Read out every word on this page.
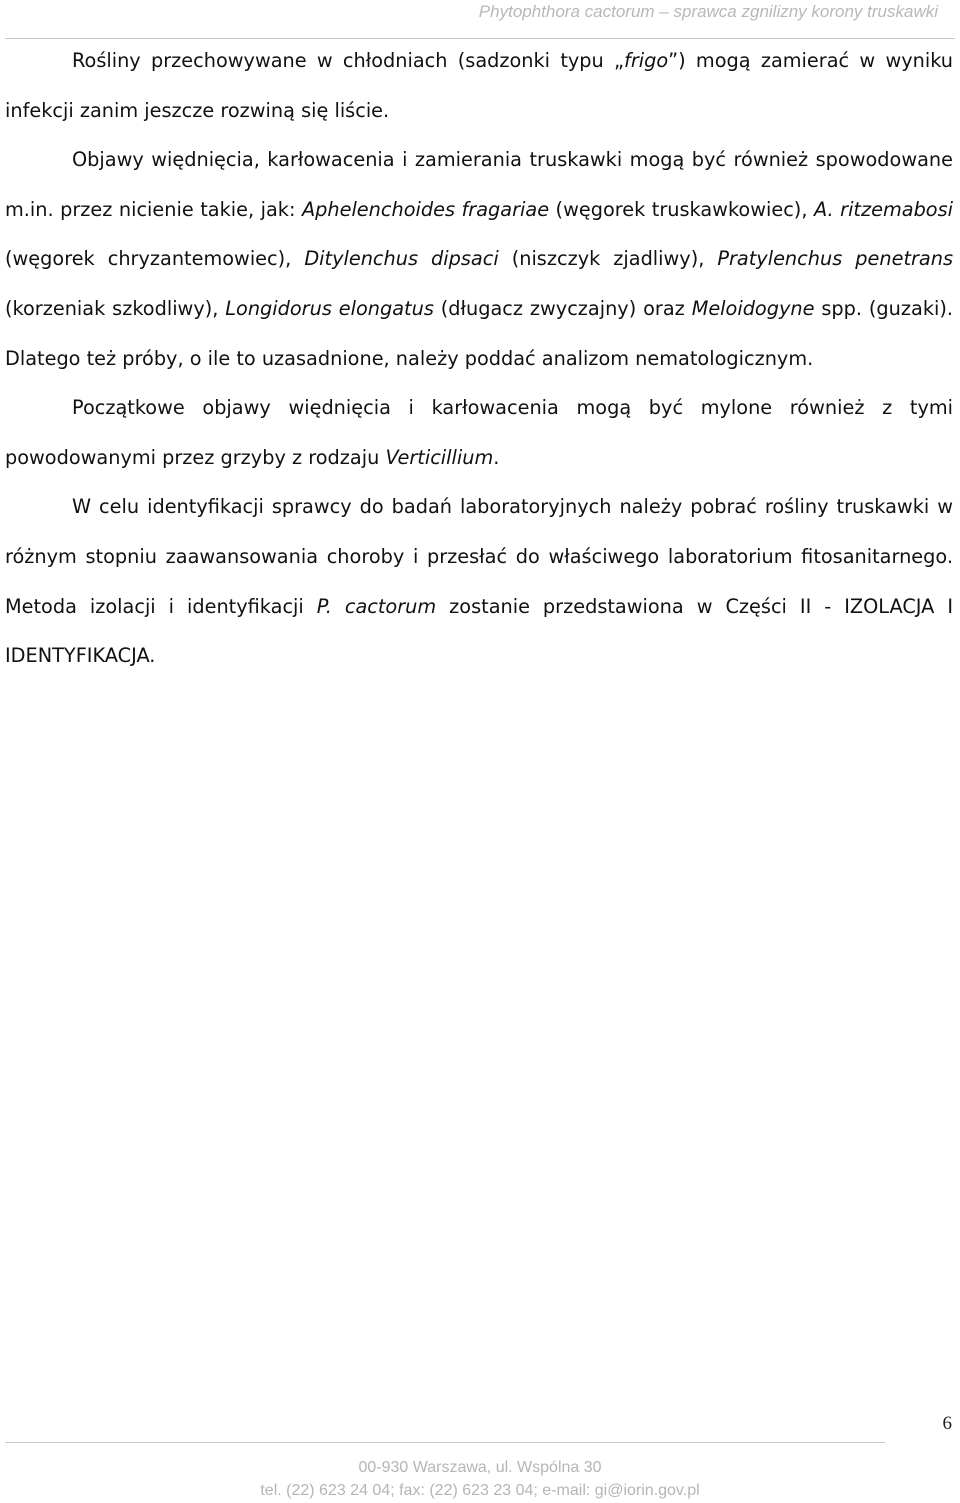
Phytophthora cactorum – sprawca zgnilizny korony truskawki

Rośliny przechowywane w chłodniach (sadzonki typu „frigo”) mogą zamierać w wyniku infekcji zanim jeszcze rozwiną się liście.

Objawy więdnięcia, karłowacenia i zamierania truskawki mogą być również spowodowane m.in. przez nicienie takie, jak: Aphelenchoides fragariae (węgorek truskawkowiec), A. ritzemabosi (węgorek chryzantemowiec), Ditylenchus dipsaci (niszczyk zjadliwy), Pratylenchus penetrans (korzeniak szkodliwy), Longidorus elongatus (długacz zwyczajny) oraz Meloidogyne spp. (guzaki). Dlatego też próby, o ile to uzasadnione, należy poddać analizom nematologicznym.

Początkowe objawy więdnięcia i karłowacenia mogą być mylone również z tymi powodowanymi przez grzyby z rodzaju Verticillium.

W celu identyfikacji sprawcy do badań laboratoryjnych należy pobrać rośliny truskawki w różnym stopniu zaawansowania choroby i przesłać do właściwego laboratorium fitosanitarnego. Metoda izolacji i identyfikacji P. cactorum zostanie przedstawiona w Części II - IZOLACJA I IDENTYFIKACJA.

6
00-930 Warszawa, ul. Wspólna 30
tel. (22) 623 24 04; fax: (22) 623 23 04; e-mail: gi@iorin.gov.pl
